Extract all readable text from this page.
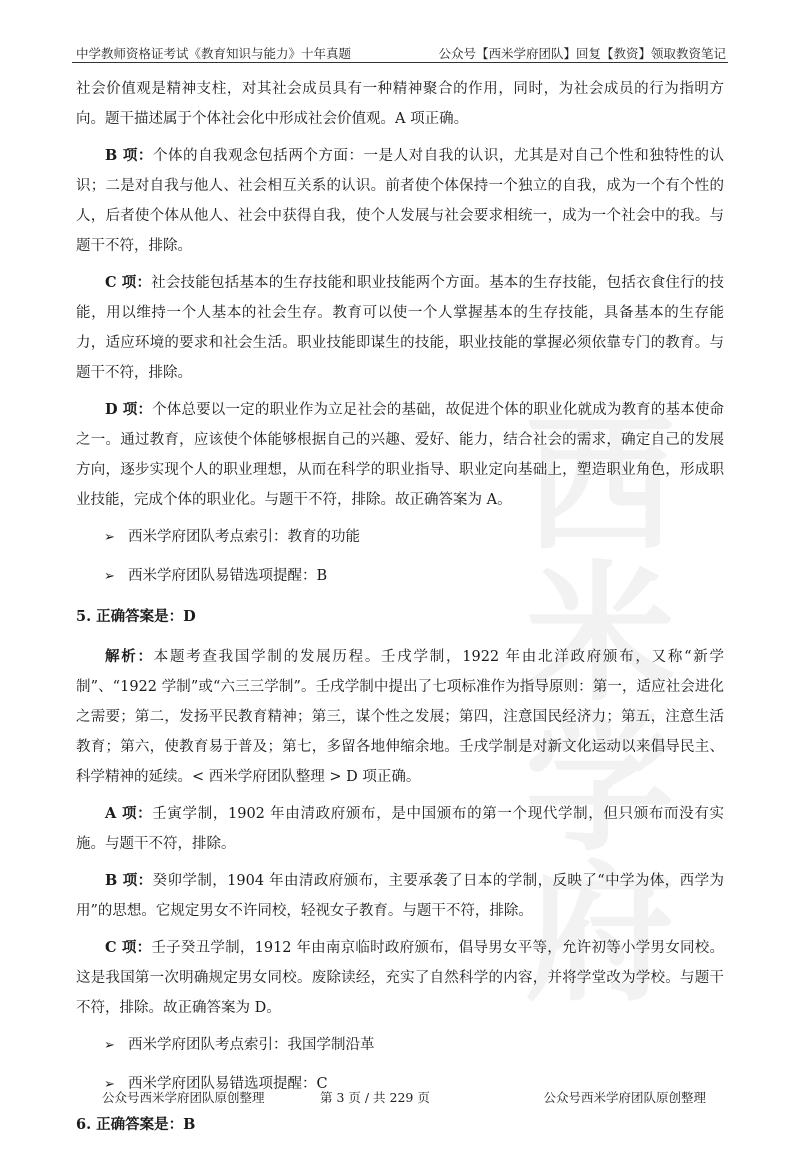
中学教师资格证考试《教育知识与能力》十年真题	公众号【西米学府团队】回复【教资】领取教资笔记
西米学府

社会价值观是精神支柱，对其社会成员具有一种精神聚合的作用，同时，为社会成员的行为指明方向。题干描述属于个体社会化中形成社会价值观。A 项正确。

B 项：个体的自我观念包括两个方面：一是人对自我的认识，尤其是对自己个性和独特性的认识；二是对自我与他人、社会相互关系的认识。前者使个体保持一个独立的自我，成为一个有个性的人，后者使个体从他人、社会中获得自我，使个人发展与社会要求相统一，成为一个社会中的我。与题干不符，排除。

C 项：社会技能包括基本的生存技能和职业技能两个方面。基本的生存技能，包括衣食住行的技能，用以维持一个人基本的社会生存。教育可以使一个人掌握基本的生存技能，具备基本的生存能力，适应环境的要求和社会生活。职业技能即谋生的技能，职业技能的掌握必须依靠专门的教育。与题干不符，排除。

D 项：个体总要以一定的职业作为立足社会的基础，故促进个体的职业化就成为教育的基本使命之一。通过教育，应该使个体能够根据自己的兴趣、爱好、能力，结合社会的需求，确定自己的发展方向，逐步实现个人的职业理想，从而在科学的职业指导、职业定向基础上，塑造职业角色，形成职业技能，完成个体的职业化。与题干不符，排除。故正确答案为 A。

➢ 西米学府团队考点索引：教育的功能
➢ 西米学府团队易错选项提醒：B
5. 正确答案是：D

解析：本题考查我国学制的发展历程。壬戌学制，1922 年由北洋政府颁布，又称“新学制”、“1922 学制”或“六三三学制”。壬戌学制中提出了七项标准作为指导原则：第一，适应社会进化之需要；第二，发扬平民教育精神；第三，谋个性之发展；第四，注意国民经济力；第五，注意生活教育；第六，使教育易于普及；第七，多留各地伸缩余地。壬戌学制是对新文化运动以来倡导民主、科学精神的延续。< 西米学府团队整理 > D 项正确。

A 项：壬寅学制，1902 年由清政府颁布，是中国颁布的第一个现代学制，但只颁布而没有实施。与题干不符，排除。

B 项：癸卯学制，1904 年由清政府颁布，主要承袭了日本的学制，反映了“中学为体，西学为用”的思想。它规定男女不许同校，轻视女子教育。与题干不符，排除。

C 项：壬子癸丑学制，1912 年由南京临时政府颁布，倡导男女平等，允许初等小学男女同校。这是我国第一次明确规定男女同校。废除读经，充实了自然科学的内容，并将学堂改为学校。与题干不符，排除。故正确答案为 D。

➢ 西米学府团队考点索引：我国学制沿革
➢ 西米学府团队易错选项提醒：C
6. 正确答案是：B
公众号西米学府团队原创整理	第 3 页 / 共 229 页	公众号西米学府团队原创整理
